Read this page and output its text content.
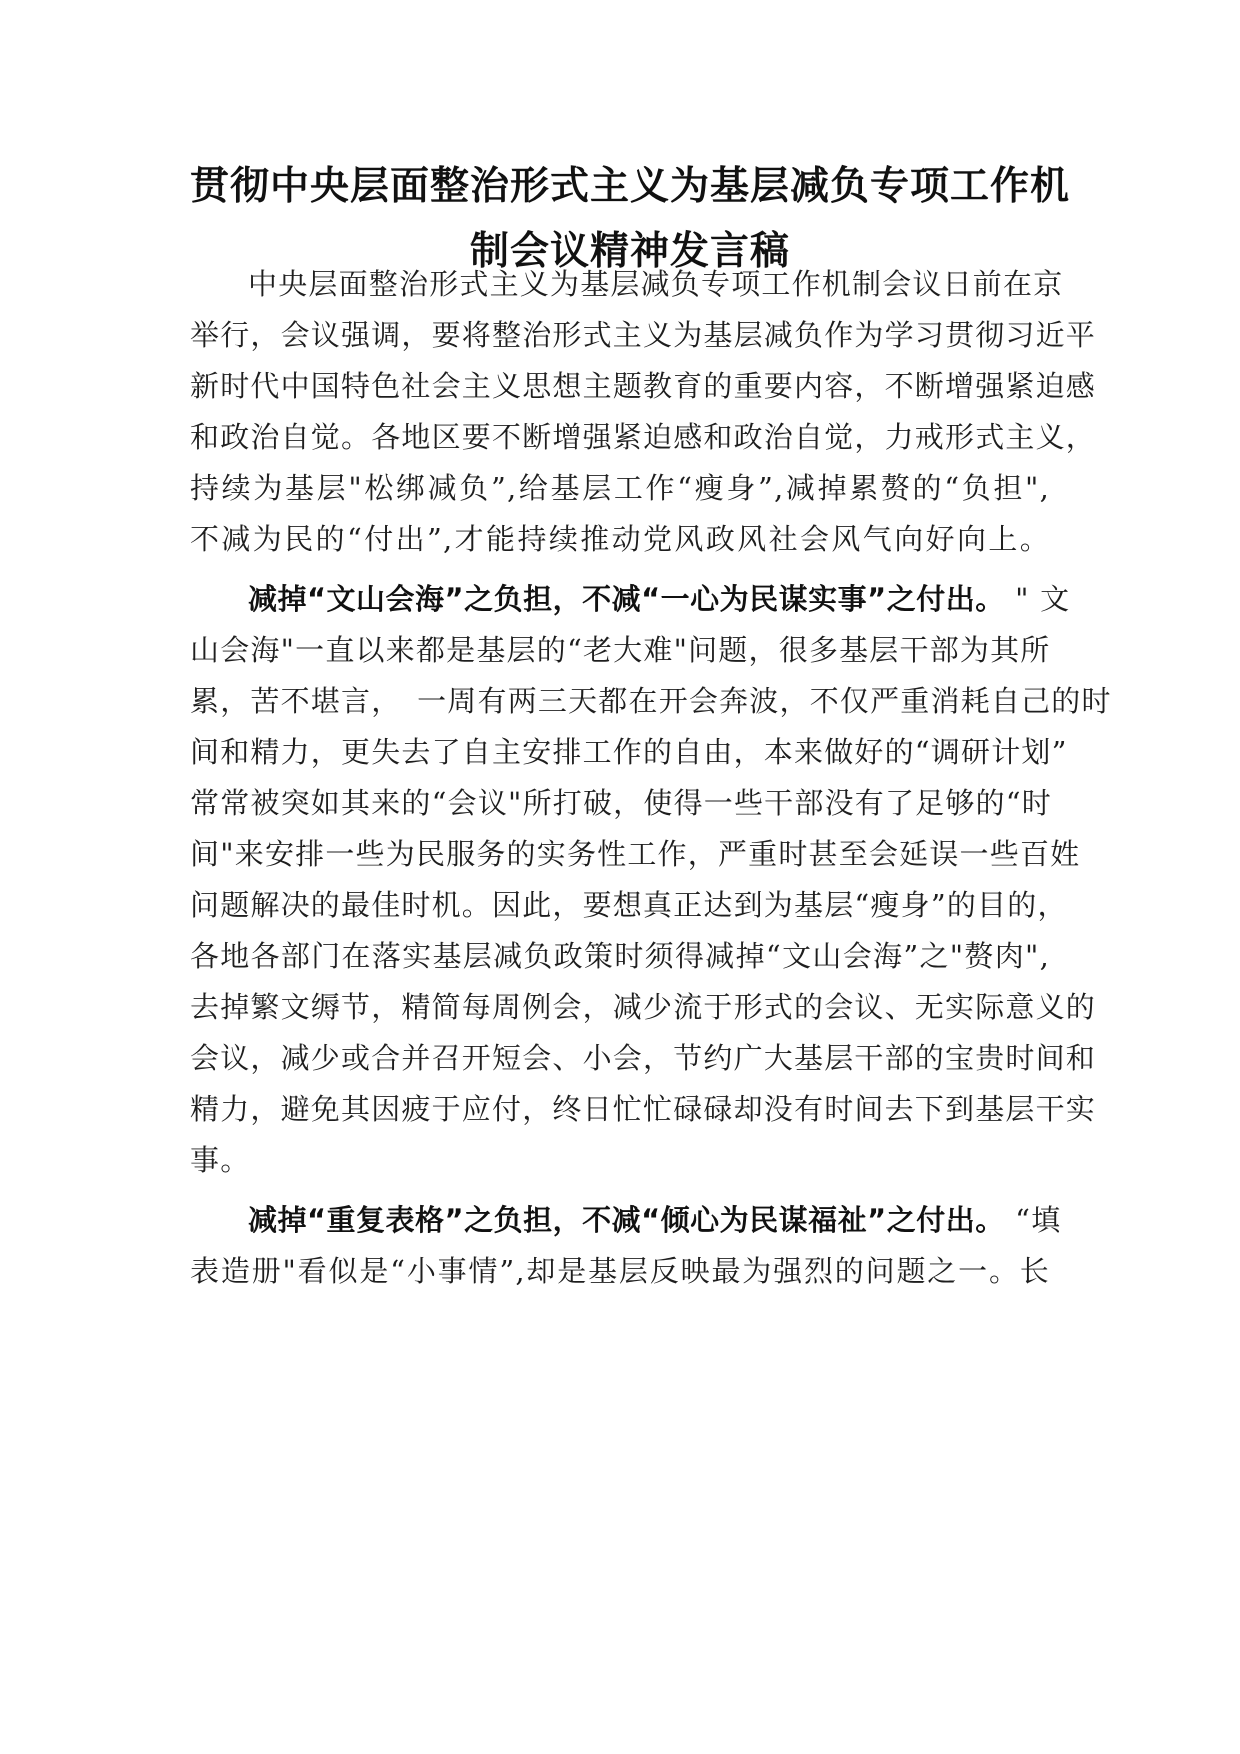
贯彻中央层面整治形式主义为基层减负专项工作机
制会议精神发言稿
中央层面整治形式主义为基层减负专项工作机制会议日前在京
举行，会议强调，要将整治形式主义为基层减负作为学习贯彻习近平
新时代中国特色社会主义思想主题教育的重要内容，不断增强紧迫感
和政治自觉。各地区要不断增强紧迫感和政治自觉，力戒形式主义，
持续为基层"松绑减负”,给基层工作“瘦身”,减掉累赘的“负担",
不减为民的“付出”,才能持续推动党风政风社会风气向好向上。
减掉“文山会海”之负担，不减“一心为民谋实事”之付出。 " 文
山会海"一直以来都是基层的“老大难"问题，很多基层干部为其所
累，苦不堪言，　一周有两三天都在开会奔波，不仅严重消耗自己的时
间和精力，更失去了自主安排工作的自由，本来做好的“调研计划”
常常被突如其来的“会议"所打破，使得一些干部没有了足够的“时
间"来安排一些为民服务的实务性工作，严重时甚至会延误一些百姓
问题解决的最佳时机。因此，要想真正达到为基层“瘦身”的目的，
各地各部门在落实基层减负政策时须得减掉“文山会海”之"赘肉",
去掉繁文缛节，精简每周例会，减少流于形式的会议、无实际意义的
会议，减少或合并召开短会、小会，节约广大基层干部的宝贵时间和
精力，避免其因疲于应付，终日忙忙碌碌却没有时间去下到基层干实
事。
减掉“重复表格”之负担，不减“倾心为民谋福祉”之付出。 “填
表造册"看似是“小事情”,却是基层反映最为强烈的问题之一。长
